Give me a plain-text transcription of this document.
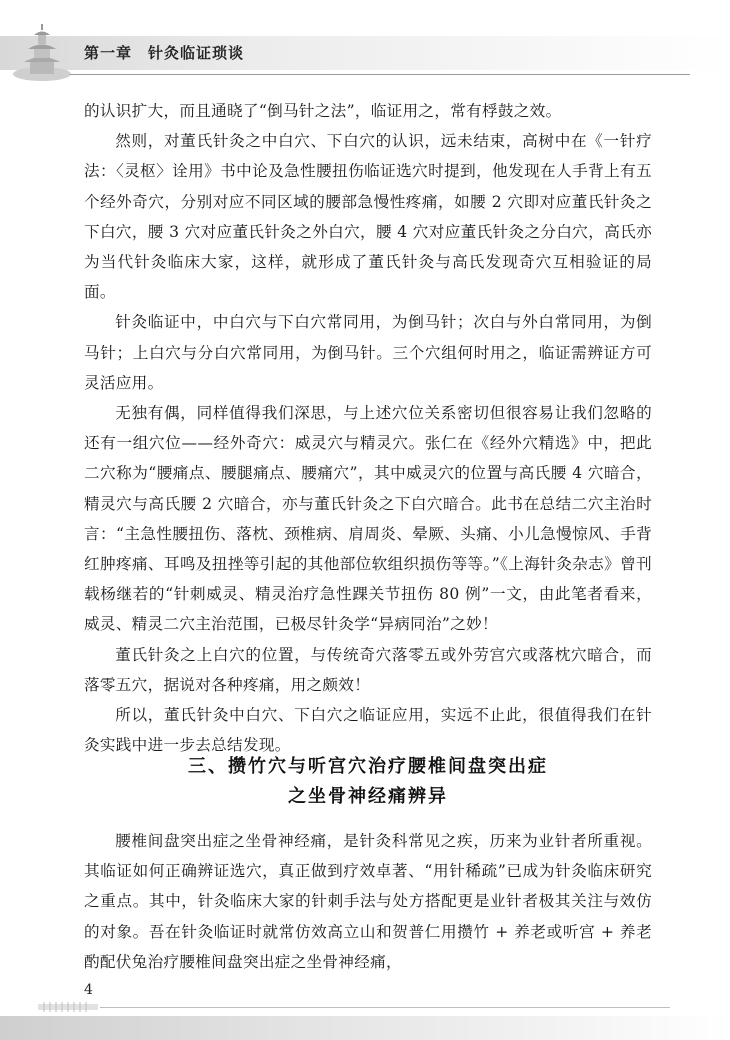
第一章　针灸临证琐谈

的认识扩大，而且通晓了“倒马针之法”，临证用之，常有桴鼓之效。

然则，对董氏针灸之中白穴、下白穴的认识，远未结束，高树中在《一针疗法：〈灵枢〉诠用》书中论及急性腰扭伤临证选穴时提到，他发现在人手背上有五个经外奇穴，分别对应不同区域的腰部急慢性疼痛，如腰 2 穴即对应董氏针灸之下白穴，腰 3 穴对应董氏针灸之外白穴，腰 4 穴对应董氏针灸之分白穴，高氏亦为当代针灸临床大家，这样，就形成了董氏针灸与高氏发现奇穴互相验证的局面。

针灸临证中，中白穴与下白穴常同用，为倒马针；次白与外白常同用，为倒马针；上白穴与分白穴常同用，为倒马针。三个穴组何时用之，临证需辨证方可灵活应用。

无独有偶，同样值得我们深思，与上述穴位关系密切但很容易让我们忽略的还有一组穴位——经外奇穴：威灵穴与精灵穴。张仁在《经外穴精选》中，把此二穴称为“腰痛点、腰腿痛点、腰痛穴”，其中威灵穴的位置与高氏腰 4 穴暗合，精灵穴与高氏腰 2 穴暗合，亦与董氏针灸之下白穴暗合。此书在总结二穴主治时言：“主急性腰扭伤、落枕、颈椎病、肩周炎、晕厥、头痛、小儿急慢惊风、手背红肿疼痛、耳鸣及扭挫等引起的其他部位软组织损伤等等。”《上海针灸杂志》曾刊载杨继若的“针刺威灵、精灵治疗急性踝关节扭伤 80 例”一文，由此笔者看来，威灵、精灵二穴主治范围，已极尽针灸学“异病同治”之妙！

董氏针灸之上白穴的位置，与传统奇穴落零五或外劳宫穴或落枕穴暗合，而落零五穴，据说对各种疼痛，用之颇效！

所以，董氏针灸中白穴、下白穴之临证应用，实远不止此，很值得我们在针灸实践中进一步去总结发现。

三、攒竹穴与听宫穴治疗腰椎间盘突出症
之坐骨神经痛辨异

腰椎间盘突出症之坐骨神经痛，是针灸科常见之疾，历来为业针者所重视。其临证如何正确辨证选穴，真正做到疗效卓著、“用针稀疏”已成为针灸临床研究之重点。其中，针灸临床大家的针刺手法与处方搭配更是业针者极其关注与效仿的对象。吾在针灸临证时就常仿效高立山和贺普仁用攒竹 + 养老或听宫 + 养老酌配伏兔治疗腰椎间盘突出症之坐骨神经痛，

4
